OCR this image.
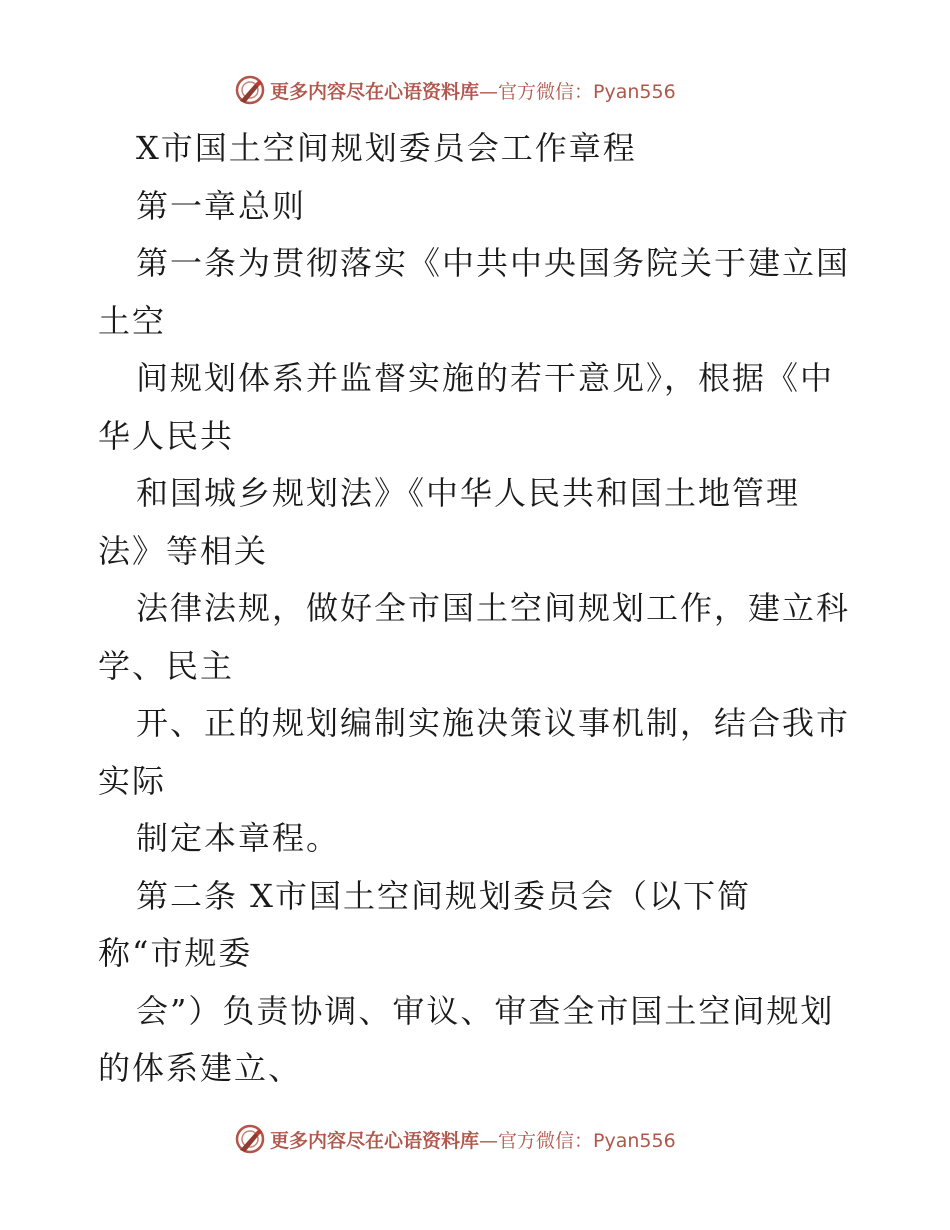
更多内容尽在心语资料库—官方微信：Pyan556
X市国土空间规划委员会工作章程
第一章总则
第一条为贯彻落实《中共中央国务院关于建立国
土空
间规划体系并监督实施的若干意见》，根据《中
华人民共
和国城乡规划法》《中华人民共和国土地管理
法》等相关
法律法规，做好全市国土空间规划工作，建立科
学、民主
开、正的规划编制实施决策议事机制，结合我市
实际
制定本章程。
第二条 X市国土空间规划委员会（以下简
称“市规委
会”）负责协调、审议、审查全市国土空间规划
的体系建立、
更多内容尽在心语资料库—官方微信：Pyan556
